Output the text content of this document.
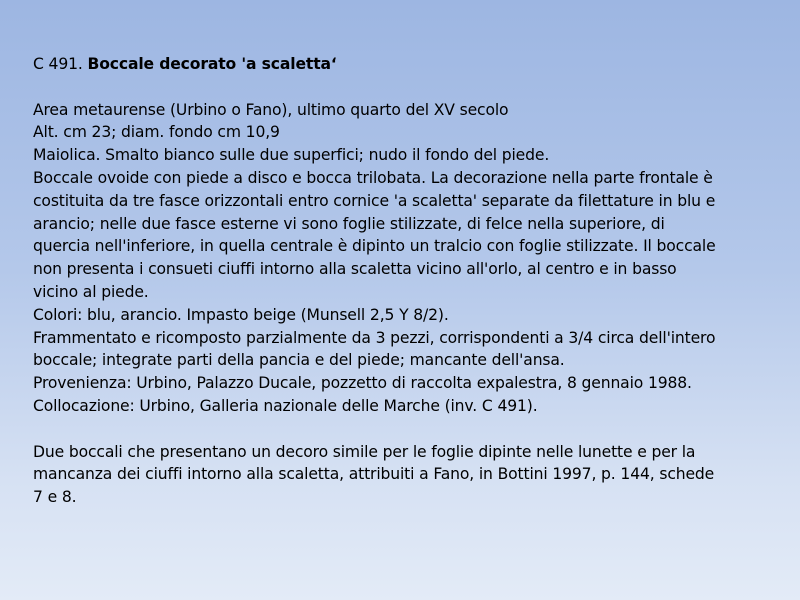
C 491. Boccale decorato 'a scaletta‘
Area metaurense (Urbino o Fano), ultimo quarto del XV secolo
Alt. cm 23; diam. fondo cm 10,9
Maiolica. Smalto bianco sulle due superfici; nudo il fondo del piede.
Boccale ovoide con piede a disco e bocca trilobata. La decorazione nella parte frontale è
costituita da tre fasce orizzontali entro cornice 'a scaletta' separate da filettature in blu e
arancio; nelle due fasce esterne vi sono foglie stilizzate, di felce nella superiore, di
quercia nell'inferiore, in quella centrale è dipinto un tralcio con foglie stilizzate. Il boccale
non presenta i consueti ciuffi intorno alla scaletta vicino all'orlo, al centro e in basso
vicino al piede.
Colori: blu, arancio. Impasto beige (Munsell 2,5 Y 8/2).
Frammentato e ricomposto parzialmente da 3 pezzi, corrispondenti a 3/4 circa dell'intero
boccale; integrate parti della pancia e del piede; mancante dell'ansa.
Provenienza: Urbino, Palazzo Ducale, pozzetto di raccolta expalestra, 8 gennaio 1988.
Collocazione: Urbino, Galleria nazionale delle Marche (inv. C 491).
Due boccali che presentano un decoro simile per le foglie dipinte nelle lunette e per la
mancanza dei ciuffi intorno alla scaletta, attribuiti a Fano, in Bottini 1997, p. 144, schede
7 e 8.
